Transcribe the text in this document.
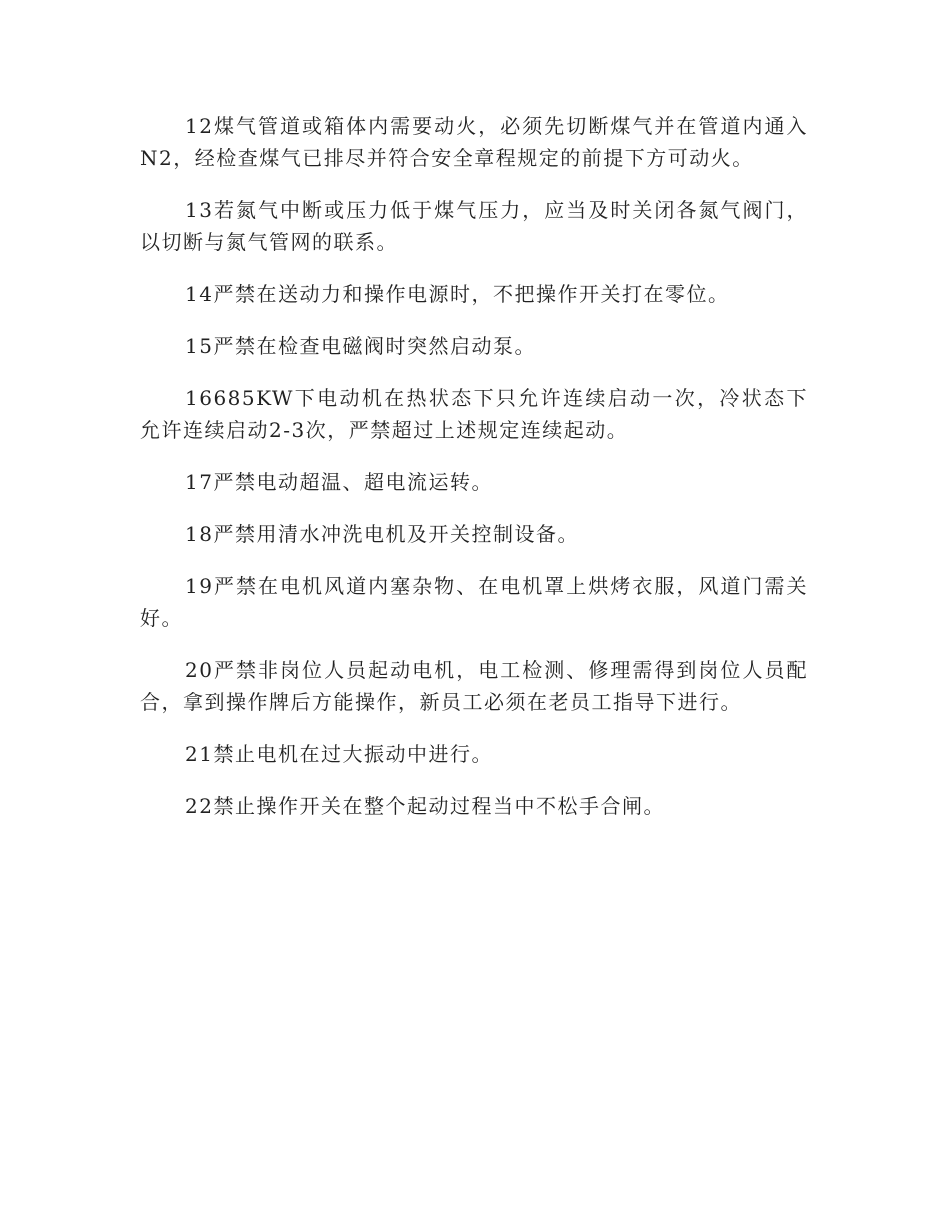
12煤气管道或箱体内需要动火，必须先切断煤气并在管道内通入N2，经检查煤气已排尽并符合安全章程规定的前提下方可动火。

13若氮气中断或压力低于煤气压力，应当及时关闭各氮气阀门，以切断与氮气管网的联系。

14严禁在送动力和操作电源时，不把操作开关打在零位。

15严禁在检查电磁阀时突然启动泵。

16685KW下电动机在热状态下只允许连续启动一次，冷状态下允许连续启动2-3次，严禁超过上述规定连续起动。

17严禁电动超温、超电流运转。

18严禁用清水冲洗电机及开关控制设备。

19严禁在电机风道内塞杂物、在电机罩上烘烤衣服，风道门需关好。

20严禁非岗位人员起动电机，电工检测、修理需得到岗位人员配合，拿到操作牌后方能操作，新员工必须在老员工指导下进行。

21禁止电机在过大振动中进行。

22禁止操作开关在整个起动过程当中不松手合闸。
